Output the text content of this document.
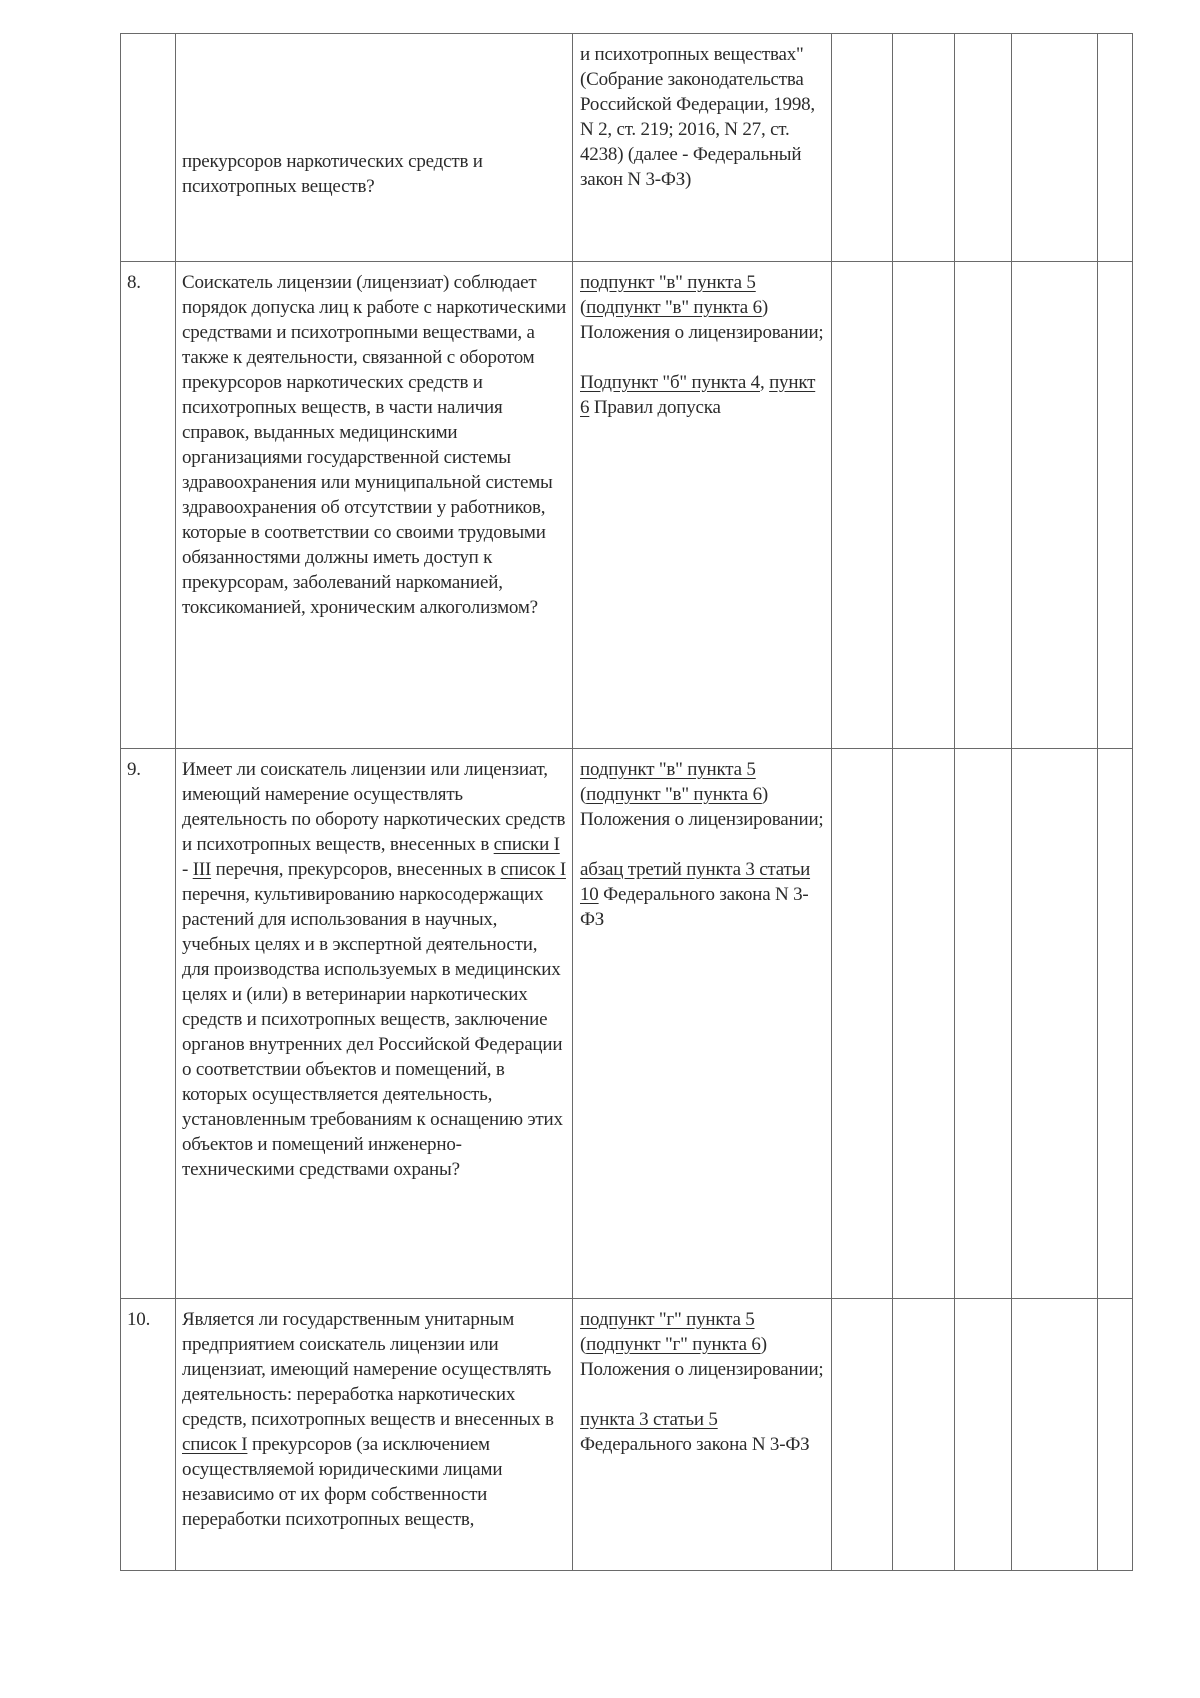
	прекурсоров наркотических средств и психотропных веществ?	и психотропных веществах" (Собрание законодательства Российской Федерации, 1998, N 2, ст. 219; 2016, N 27, ст. 4238) (далее - Федеральный закон N 3-ФЗ)					

8.	Соискатель лицензии (лицензиат) соблюдает порядок допуска лиц к работе с наркотическими средствами и психотропными веществами, а также к деятельности, связанной с оборотом прекурсоров наркотических средств и психотропных веществ, в части наличия справок, выданных медицинскими организациями государственной системы здравоохранения или муниципальной системы здравоохранения об отсутствии у работников, которые в соответствии со своими трудовыми обязанностями должны иметь доступ к прекурсорам, заболеваний наркоманией, токсикоманией, хроническим алкоголизмом?	подпункт "в" пункта 5 (подпункт "в" пункта 6) Положения о лицензировании;

Подпункт "б" пункта 4, пункт 6 Правил допуска					

9.	Имеет ли соискатель лицензии или лицензиат, имеющий намерение осуществлять деятельность по обороту наркотических средств и психотропных веществ, внесенных в списки I - III перечня, прекурсоров, внесенных в список I перечня, культивированию наркосодержащих растений для использования в научных, учебных целях и в экспертной деятельности, для производства используемых в медицинских целях и (или) в ветеринарии наркотических средств и психотропных веществ, заключение органов внутренних дел Российской Федерации о соответствии объектов и помещений, в которых осуществляется деятельность, установленным требованиям к оснащению этих объектов и помещений инженерно-техническими средствами охраны?	подпункт "в" пункта 5 (подпункт "в" пункта 6) Положения о лицензировании;

абзац третий пункта 3 статьи 10 Федерального закона N 3-ФЗ					

10.	Является ли государственным унитарным предприятием соискатель лицензии или лицензиат, имеющий намерение осуществлять деятельность: переработка наркотических средств, психотропных веществ и внесенных в список I прекурсоров (за исключением осуществляемой юридическими лицами независимо от их форм собственности переработки психотропных веществ,	подпункт "г" пункта 5 (подпункт "г" пункта 6) Положения о лицензировании;

пункта 3 статьи 5 Федерального закона N 3-ФЗ					
